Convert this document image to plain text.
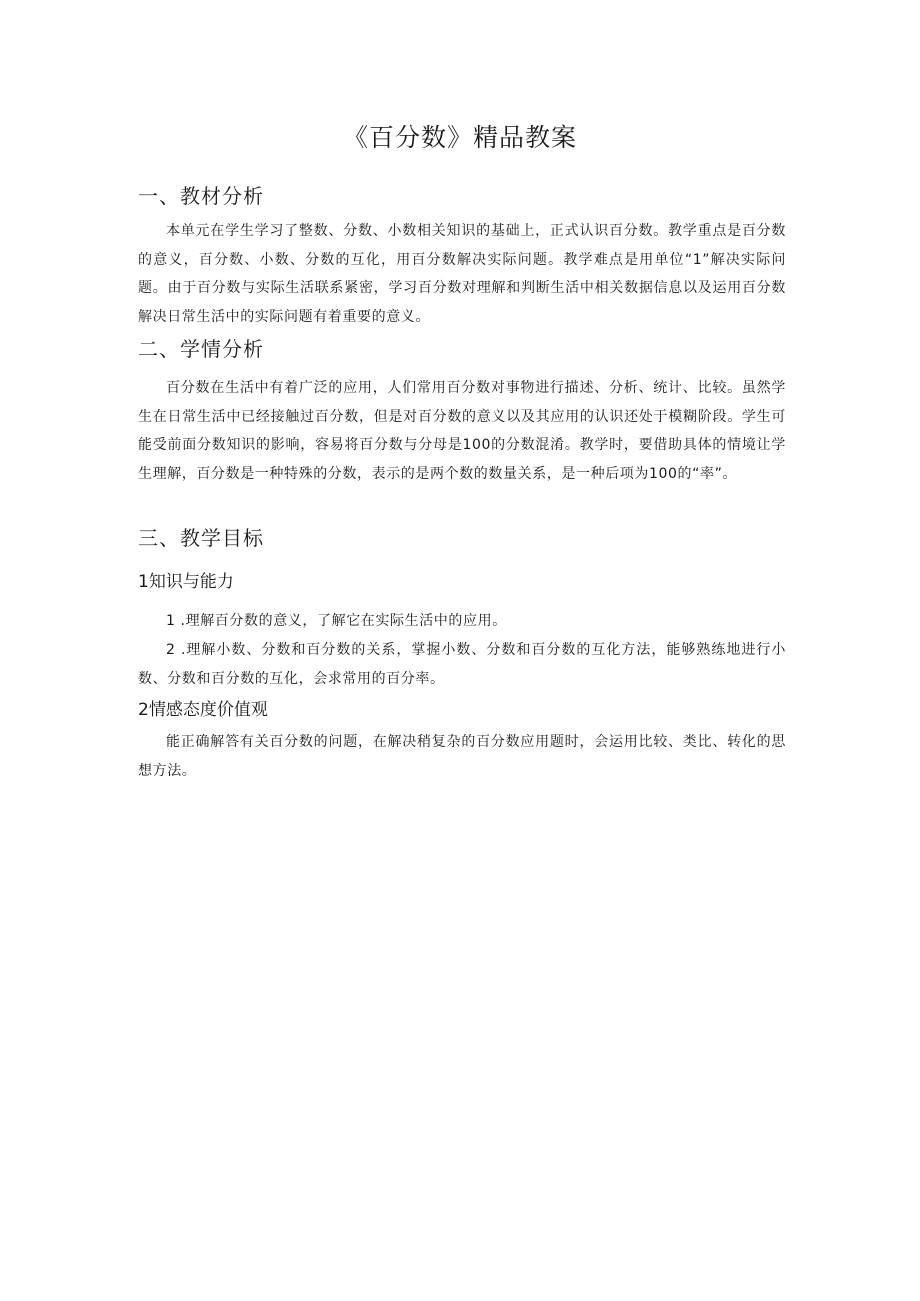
《百分数》精品教案
一、教材分析

本单元在学生学习了整数、分数、小数相关知识的基础上，正式认识百分数。教学重点是百分数的意义，百分数、小数、分数的互化，用百分数解决实际问题。教学难点是用单位“1”解决实际问题。由于百分数与实际生活联系紧密，学习百分数对理解和判断生活中相关数据信息以及运用百分数解决日常生活中的实际问题有着重要的意义。

二、学情分析

百分数在生活中有着广泛的应用，人们常用百分数对事物进行描述、分析、统计、比较。虽然学生在日常生活中已经接触过百分数，但是对百分数的意义以及其应用的认识还处于模糊阶段。学生可能受前面分数知识的影响，容易将百分数与分母是100的分数混淆。教学时，要借助具体的情境让学生理解，百分数是一种特殊的分数，表示的是两个数的数量关系，是一种后项为100的“率”。

三、教学目标
1知识与能力

1 .理解百分数的意义，了解它在实际生活中的应用。

2 .理解小数、分数和百分数的关系，掌握小数、分数和百分数的互化方法，能够熟练地进行小数、分数和百分数的互化，会求常用的百分率。

2情感态度价值观

能正确解答有关百分数的问题，在解决稍复杂的百分数应用题时，会运用比较、类比、转化的思想方法。
